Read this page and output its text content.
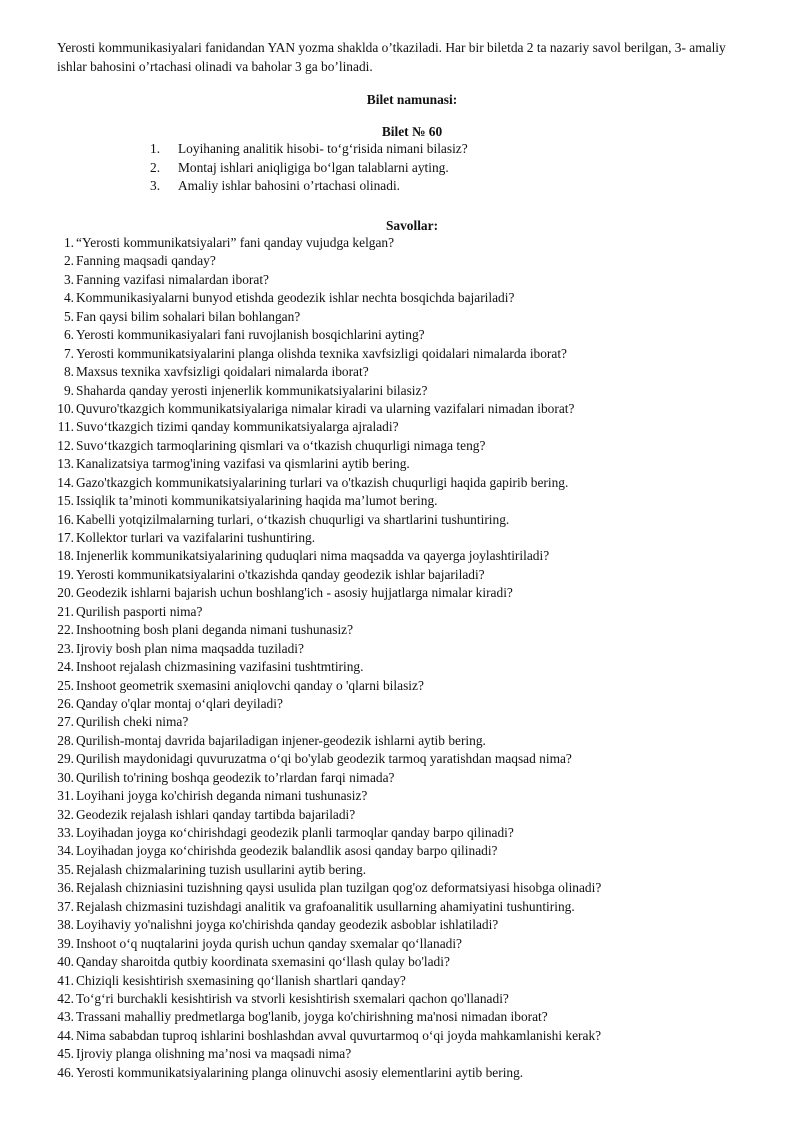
Yerosti kommunikasiyalari fanidandan YAN yozma shaklda o’tkaziladi. Har bir biletda 2 ta nazariy savol berilgan, 3- amaliy ishlar bahosini o’rtachasi olinadi va baholar 3 ga bo’linadi.

Bilet namunasi:

Bilet № 60

1. Loyihaning analitik hisobi- to‘g‘risida nimani bilasiz?
2. Montaj ishlari aniqligiga bo‘lgan talablarni ayting.
3. Amaliy ishlar bahosini o’rtachasi olinadi.

Savollar:

1. “Yerosti kommunikatsiyalari” fani qanday vujudga kelgan?
2. Fanning maqsadi qanday?
3. Fanning vazifasi nimalardan iborat?
4. Kommunikasiyalarni bunyod etishda geodezik ishlar nechta bosqichda bajariladi?
5. Fan qaysi bilim sohalari bilan bohlangan?
6. Yerosti kommunikasiyalari fani ruvojlanish bosqichlarini ayting?
7. Yerosti kommunikatsiyalarini planga olishda texnika xavfsizligi qoidalari nimalarda iborat?
8. Maxsus texnika xavfsizligi qoidalari nimalarda iborat?
9. Shaharda qanday yerosti injenerlik kommunikatsiyalarini bilasiz?
10. Quvuro'tkazgich kommunikatsiyalariga nimalar kiradi va ularning vazifalari nimadan iborat?
11. Suvo‘tkazgich tizimi qanday kommunikatsiyalarga ajraladi?
12. Suvo‘tkazgich tarmoqlarining qismlari va o‘tkazish chuqurligi nimaga teng?
13. Kanalizatsiya tarmog'ining vazifasi va qismlarini aytib bering.
14. Gazo'tkazgich kommunikatsiyalarining turlari va o'tkazish chuqurligi haqida gapirib bering.
15. Issiqlik ta’minoti kommunikatsiyalarining haqida ma’lumot bering.
16. Kabelli yotqizilmalarning turlari, o‘tkazish chuqurligi va shartlarini tushuntiring.
17. Kollektor turlari va vazifalarini tushuntiring.
18. Injenerlik kommunikatsiyalarining quduqlari nima maqsadda va qayerga joylashtiriladi?
19. Yerosti kommunikatsiyalarini o'tkazishda qanday geodezik ishlar bajariladi?
20. Geodezik ishlarni bajarish uchun boshlang'ich - asosiy hujjatlarga nimalar kiradi?
21. Qurilish pasporti nima?
22. Inshootning bosh plani deganda nimani tushunasiz?
23. Ijroviy bosh plan nima maqsadda tuziladi?
24. Inshoot rejalash chizmasining vazifasini tushtmtiring.
25. Inshoot geometrik sxemasini aniqlovchi qanday o 'qlarni bilasiz?
26. Qanday o'qlar montaj o‘qlari deyiladi?
27. Qurilish cheki nima?
28. Qurilish-montaj davrida bajariladigan injener-geodezik ishlarni aytib bering.
29. Qurilish maydonidagi quvuruzatma o‘qi bo'ylab geodezik tarmoq yaratishdan maqsad nima?
30. Qurilish to'rining boshqa geodezik to’rlardan farqi nimada?
31. Loyihani joyga ko'chirish deganda nimani tushunasiz?
32. Geodezik rejalash ishlari qanday tartibda bajariladi?
33. Loyihadan joyga кo‘chirishdagi geodezik planli tarmoqlar qanday barpo qilinadi?
34. Loyihadan joyga кo‘chirishda geodezik balandlik asosi qanday barpo qilinadi?
35. Rejalash chizmalarining tuzish usullarini aytib bering.
36. Rejalash chizniasini tuzishning qaysi usulida plan tuzilgan qog'oz deformatsiyasi hisobga olinadi?
37. Rejalash chizmasini tuzishdagi analitik va grafoanalitik usullarning ahamiyatini tushuntiring.
38. Loyihaviy yo'nalishni joyga кo'chirishda qanday geodezik asboblar ishlatiladi?
39. Inshoot o‘q nuqtalarini joyda qurish uchun qanday sxemalar qo‘llanadi?
40. Qanday sharoitda qutbiy koordinata sxemasini qo‘llash qulay bo'ladi?
41. Chiziqli kesishtirish sxemasining qo‘llanish shartlari qanday?
42. To‘g‘ri burchakli kesishtirish va stvorli kesishtirish sxemalari qachon qo'llanadi?
43. Trassani mahalliy predmetlarga bog'lanib, joyga ko'chirishning ma'nosi nimadan iborat?
44. Nima sababdan tuproq ishlarini boshlashdan avval quvurtarmoq o‘qi joyda mahkamlanishi kerak?
45. Ijroviy planga olishning ma’nosi va maqsadi nima?
46. Yerosti kommunikatsiyalarining planga olinuvchi asosiy elementlarini aytib bering.
